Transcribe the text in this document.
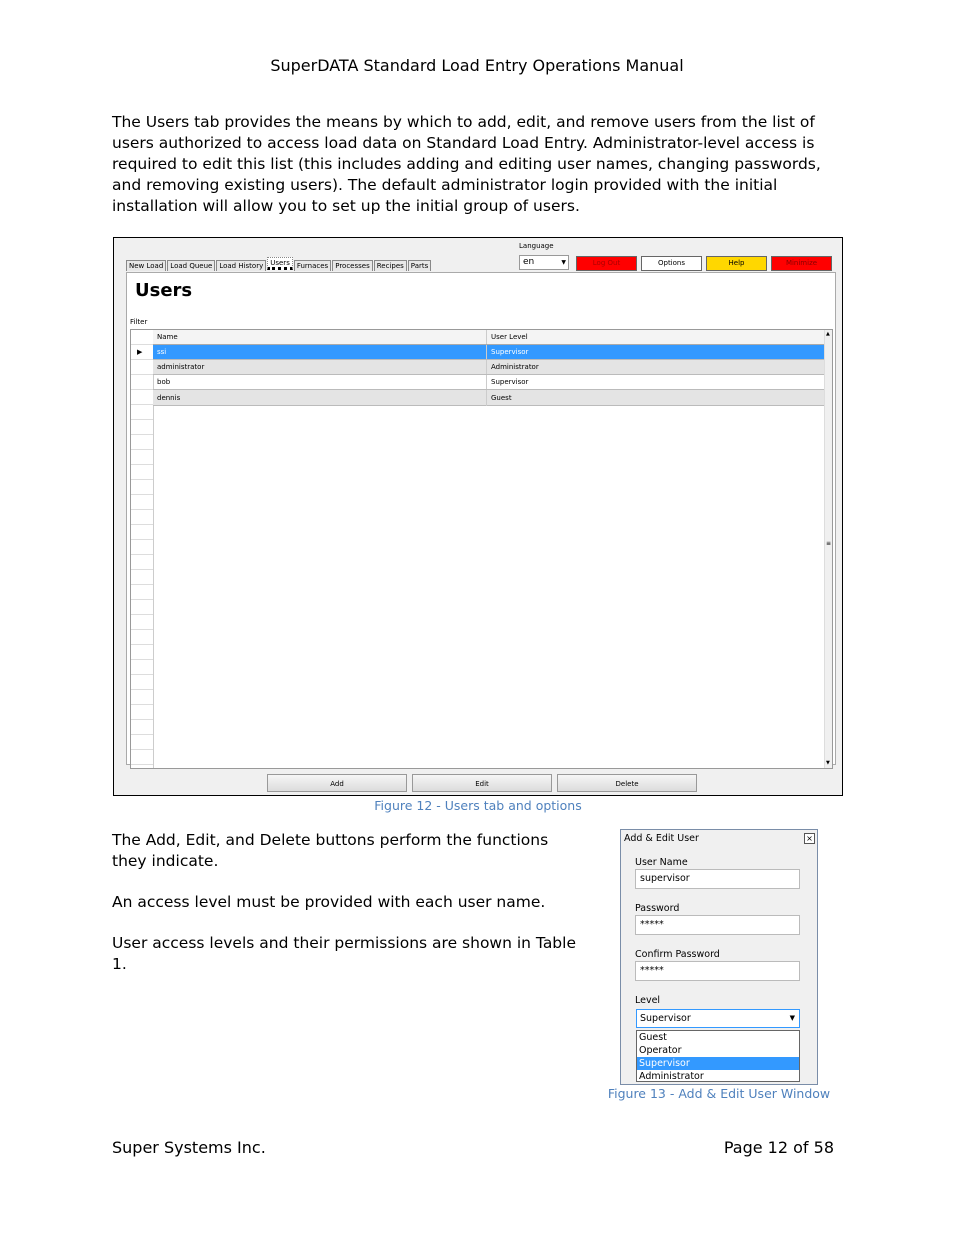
SuperDATA Standard Load Entry Operations Manual
The Users tab provides the means by which to add, edit, and remove users from the list of users authorized to access load data on Standard Load Entry. Administrator-level access is required to edit this list (this includes adding and editing user names, changing passwords, and removing existing users). The default administrator login provided with the initial installation will allow you to set up the initial group of users.
New Load	Load Queue	Load History	Users	Furnaces	Processes	Recipes	Parts
Language
en	▼	Log Out	Options	Help	Minimize
Users
Filter
▶
Name	User Level
ssi	Supervisor
administrator	Administrator
bob	Supervisor
dennis	Guest
▲
≡
▼
Add	Edit	Delete
Figure 12 - Users tab and options
The Add, Edit, and Delete buttons perform the functions they indicate.
An access level must be provided with each user name.
User access levels and their permissions are shown in Table 1.
Add & Edit User	×
User Name
supervisor
Password
*****
Confirm Password
*****
Level
Supervisor	▼
Guest
Operator
Supervisor
Administrator
Figure 13 - Add & Edit User Window
Super Systems Inc.	Page 12 of 58
